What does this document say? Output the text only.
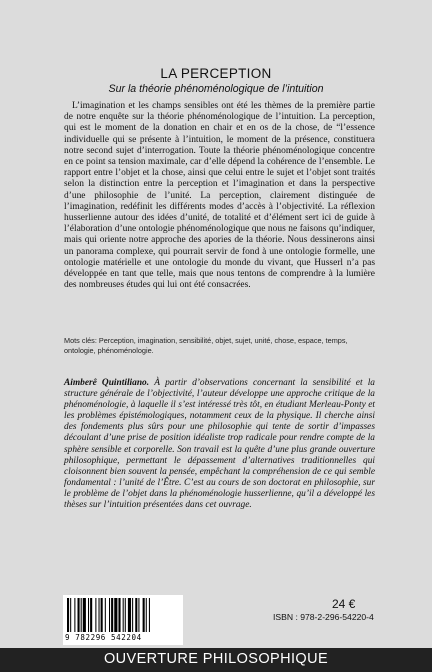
LA PERCEPTION
Sur la théorie phénoménologique de l’intuition

L’imagination et les champs sensibles ont été les thèmes de la première partie de notre enquête sur la théorie phénoménologique de l’intuition. La perception, qui est le moment de la donation en chair et en os de la chose, de “l’essence individuelle qui se présente à l’intuition, le moment de la présence, constituera notre second sujet d’interrogation. Toute la théorie phénoménologique concentre en ce point sa tension maximale, car d’elle dépend la cohérence de l’ensemble. Le rapport entre l’objet et la chose, ainsi que celui entre le sujet et l’objet sont traités selon la distinction entre la perception et l’imagination et dans la perspective d’une philosophie de l’unité. La perception, clairement distinguée de l’imagination, redéfinit les différents modes d’accès à l’objectivité. La réflexion husserlienne autour des idées d’unité, de totalité et d’élément sert ici de guide à l’élaboration d’une ontologie phénoménologique que nous ne faisons qu’indiquer, mais qui oriente notre approche des apories de la théorie. Nous dessinerons ainsi un panorama complexe, qui pourrait servir de fond à une ontologie formelle, une ontologie matérielle et une ontologie du monde du vivant, que Husserl n’a pas développée en tant que telle, mais que nous tentons de comprendre à la lumière des nombreuses études qui lui ont été consacrées.

Mots clés: Perception, imagination, sensibilité, objet, sujet, unité, chose, espace, temps, ontologie, phénoménologie.

Aimberê Quintiliano. À partir d’observations concernant la sensibilité et la structure générale de l’objectivité, l’auteur développe une approche critique de la phénoménologie, à laquelle il s’est intéressé très tôt, en étudiant Merleau-Ponty et les problèmes épistémologiques, notamment ceux de la physique. Il cherche ainsi des fondements plus sûrs pour une philosophie qui tente de sortir d’impasses découlant d’une prise de position idéaliste trop radicale pour rendre compte de la sphère sensible et corporelle. Son travail est la quête d’une plus grande ouverture philosophique, permettant le dépassement d’alternatives traditionnelles qui cloisonnent bien souvent la pensée, empêchant la compréhension de ce qui semble fondamental : l’unité de l’Être. C’est au cours de son doctorat en philosophie, sur le problème de l’objet dans la phénoménologie husserlienne, qu’il a développé les thèses sur l’intuition présentées dans cet ouvrage.

9 782296 542204
24 €
ISBN : 978-2-296-54220-4
OUVERTURE PHILOSOPHIQUE
